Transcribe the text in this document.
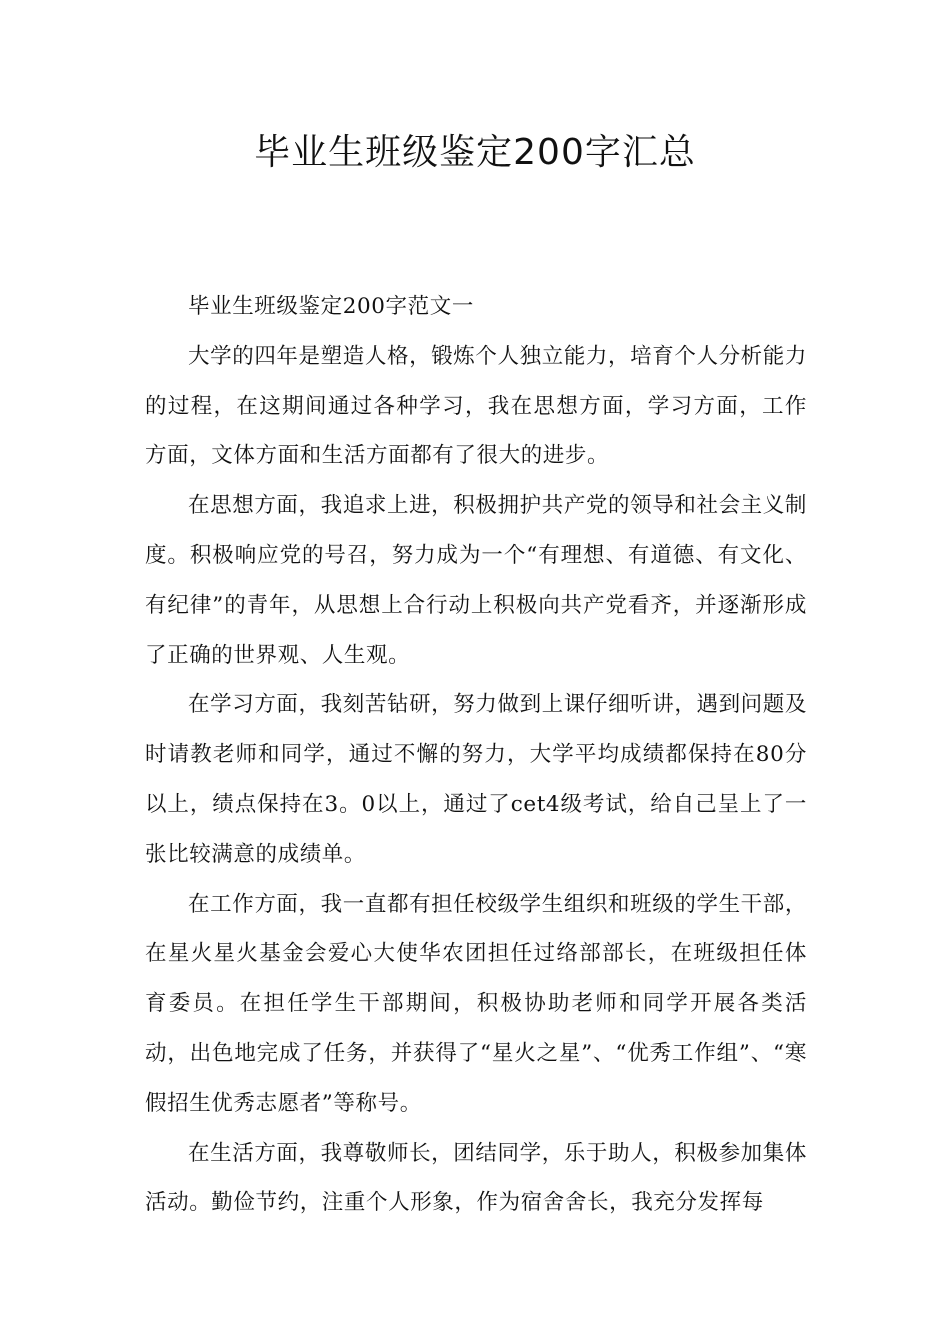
毕业生班级鉴定200字汇总

毕业生班级鉴定200字范文一

大学的四年是塑造人格，锻炼个人独立能力，培育个人分析能力的过程，在这期间通过各种学习，我在思想方面，学习方面，工作方面，文体方面和生活方面都有了很大的进步。

在思想方面，我追求上进，积极拥护共产党的领导和社会主义制度。积极响应党的号召，努力成为一个“有理想、有道德、有文化、有纪律”的青年，从思想上合行动上积极向共产党看齐，并逐渐形成了正确的世界观、人生观。

在学习方面，我刻苦钻研，努力做到上课仔细听讲，遇到问题及时请教老师和同学，通过不懈的努力，大学平均成绩都保持在80分以上，绩点保持在3。0以上，通过了cet4级考试，给自己呈上了一张比较满意的成绩单。

在工作方面，我一直都有担任校级学生组织和班级的学生干部，在星火星火基金会爱心大使华农团担任过络部部长，在班级担任体育委员。在担任学生干部期间，积极协助老师和同学开展各类活动，出色地完成了任务，并获得了“星火之星”、“优秀工作组”、“寒假招生优秀志愿者”等称号。

在生活方面，我尊敬师长，团结同学，乐于助人，积极参加集体活动。勤俭节约，注重个人形象，作为宿舍舍长，我充分发挥每
